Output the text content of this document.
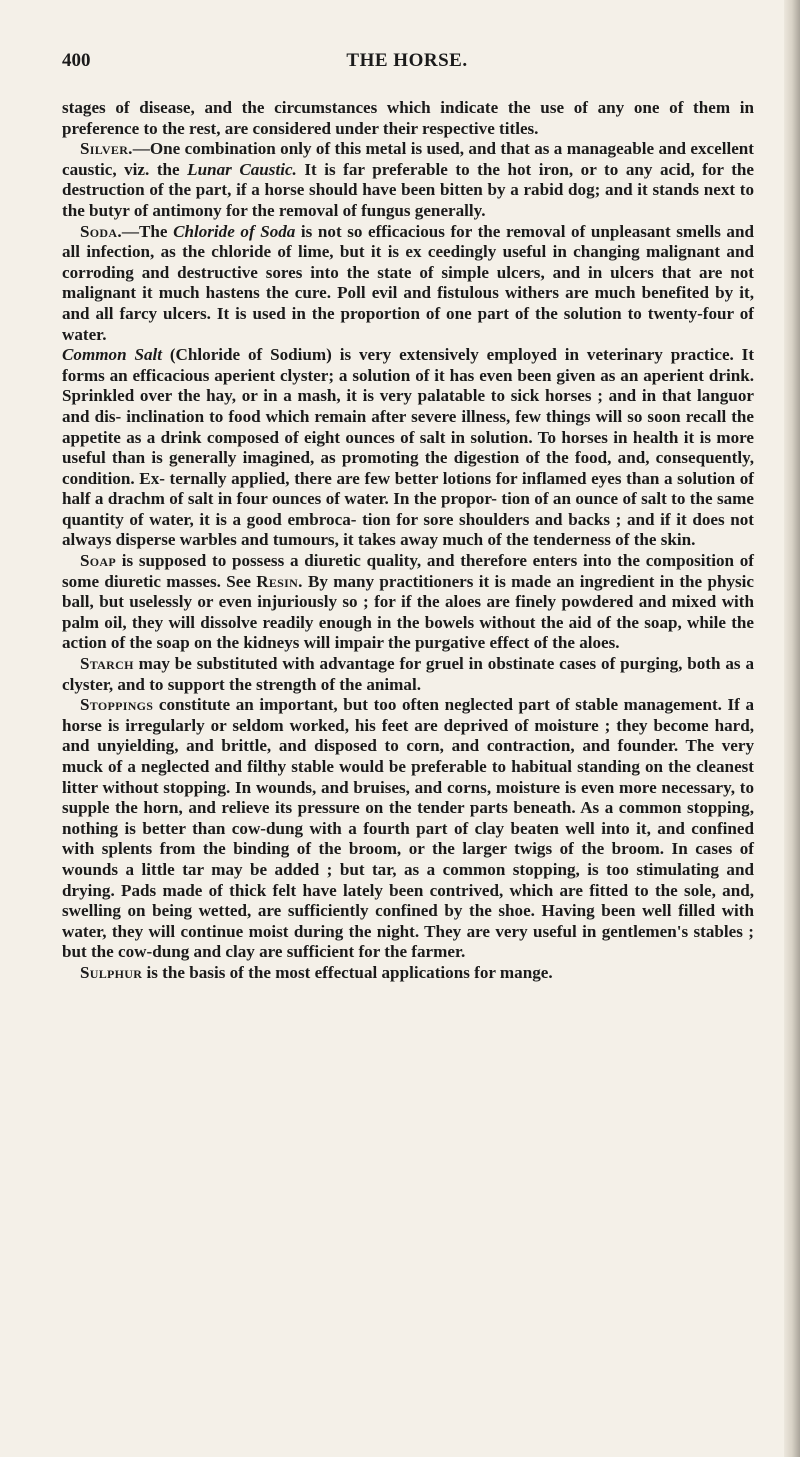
400	THE HORSE.

stages of disease, and the circumstances which indicate the use of any one of them in preference to the rest, are considered under their respective titles.

Silver.—One combination only of this metal is used, and that as a manageable and excellent caustic, viz. the Lunar Caustic. It is far preferable to the hot iron, or to any acid, for the destruction of the part, if a horse should have been bitten by a rabid dog; and it stands next to the butyr of antimony for the removal of fungus generally.

Soda.—The Chloride of Soda is not so efficacious for the removal of unpleasant smells and all infection, as the chloride of lime, but it is ex ceedingly useful in changing malignant and corroding and destructive sores into the state of simple ulcers, and in ulcers that are not malignant it much hastens the cure. Poll evil and fistulous withers are much benefited by it, and all farcy ulcers. It is used in the proportion of one part of the solution to twenty-four of water.

Common Salt (Chloride of Sodium) is very extensively employed in veterinary practice. It forms an efficacious aperient clyster; a solution of it has even been given as an aperient drink. Sprinkled over the hay, or in a mash, it is very palatable to sick horses ; and in that languor and dis- inclination to food which remain after severe illness, few things will so soon recall the appetite as a drink composed of eight ounces of salt in solution. To horses in health it is more useful than is generally imagined, as promoting the digestion of the food, and, consequently, condition. Ex- ternally applied, there are few better lotions for inflamed eyes than a solution of half a drachm of salt in four ounces of water. In the propor- tion of an ounce of salt to the same quantity of water, it is a good embroca- tion for sore shoulders and backs ; and if it does not always disperse warbles and tumours, it takes away much of the tenderness of the skin.

Soap is supposed to possess a diuretic quality, and therefore enters into the composition of some diuretic masses. See Resin. By many practitioners it is made an ingredient in the physic ball, but uselessly or even injuriously so ; for if the aloes are finely powdered and mixed with palm oil, they will dissolve readily enough in the bowels without the aid of the soap, while the action of the soap on the kidneys will impair the purgative effect of the aloes.

Starch may be substituted with advantage for gruel in obstinate cases of purging, both as a clyster, and to support the strength of the animal.

Stoppings constitute an important, but too often neglected part of stable management. If a horse is irregularly or seldom worked, his feet are deprived of moisture ; they become hard, and unyielding, and brittle, and disposed to corn, and contraction, and founder. The very muck of a neglected and filthy stable would be preferable to habitual standing on the cleanest litter without stopping. In wounds, and bruises, and corns, moisture is even more necessary, to supple the horn, and relieve its pressure on the tender parts beneath. As a common stopping, nothing is better than cow-dung with a fourth part of clay beaten well into it, and confined with splents from the binding of the broom, or the larger twigs of the broom. In cases of wounds a little tar may be added ; but tar, as a common stopping, is too stimulating and drying. Pads made of thick felt have lately been contrived, which are fitted to the sole, and, swelling on being wetted, are sufficiently confined by the shoe. Having been well filled with water, they will continue moist during the night. They are very useful in gentlemen's stables ; but the cow-dung and clay are sufficient for the farmer.

Sulphur is the basis of the most effectual applications for mange.
